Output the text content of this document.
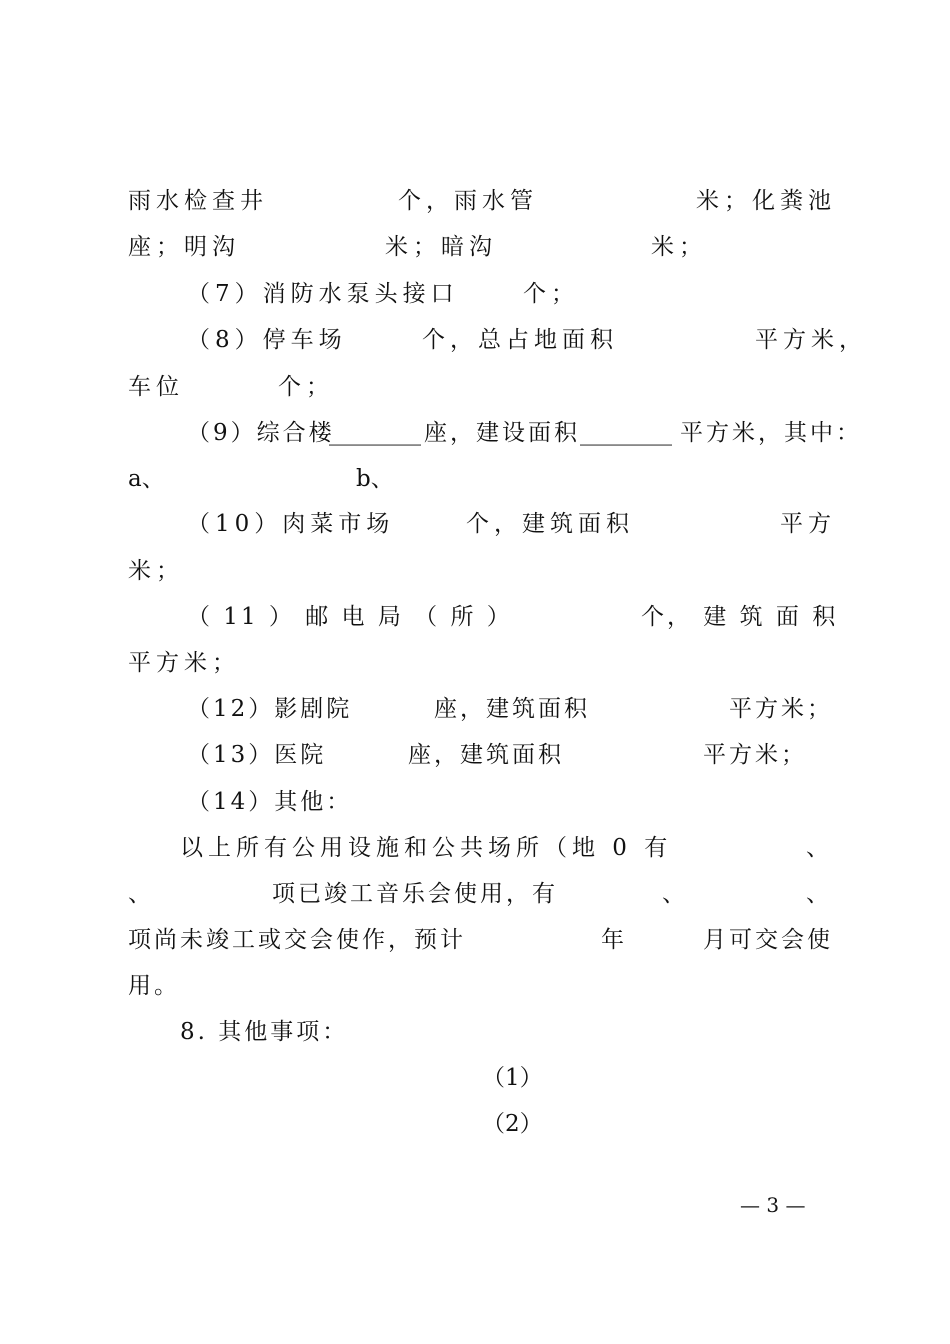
雨水检查井	个，雨水管	米；化粪池
座；明沟	米；暗沟	米；
（7）消防水泵头接口	个；
（8）停车场	个，总占地面积	平方米，
车位	个；
（9）综合楼
________ 座，建设面积 ________ 平方米，其中：
a、	b、
（10）肉菜市场	个，建筑面积	平方
米；
（ 11 ） 邮 电 局 （ 所 ）	个， 建 筑 面 积
平方米；
（12）影剧院	座，建筑面积	平方米；
（13）医院	座，建筑面积	平方米；
（14）其他：
以上所有公用设施和公共场所（地 0 有	、
、	项已竣工音乐会使用，有	、	、
项尚未竣工或交会使作，预计	年	月可交会使
用。
8. 其他事项：
（1）
（2）
— 3 —
